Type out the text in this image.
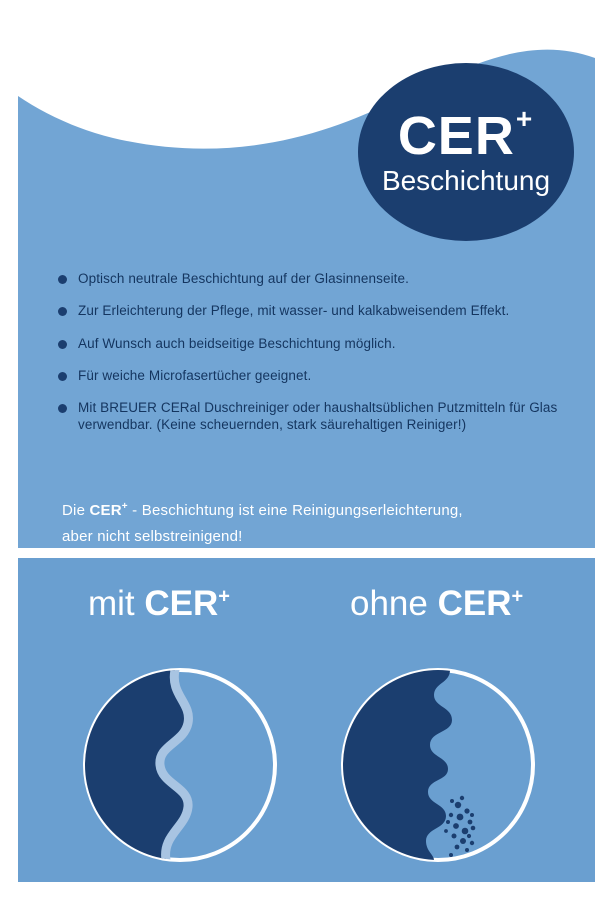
CER+
Beschichtung
Optisch neutrale Beschichtung auf der Glasinnenseite.
Zur Erleichterung der Pflege, mit wasser- und kalkabweisendem Effekt.
Auf Wunsch auch beidseitige Beschichtung möglich.
Für weiche Microfasertücher geeignet.
Mit BREUER CERal Duschreiniger oder haushaltsüblichen Putzmitteln für Glas verwendbar. (Keine scheuernden, stark säurehaltigen Reiniger!)
Die CER+ - Beschichtung ist eine Reinigungserleichterung,
aber nicht selbstreinigend!
mit CER+	ohne CER+
